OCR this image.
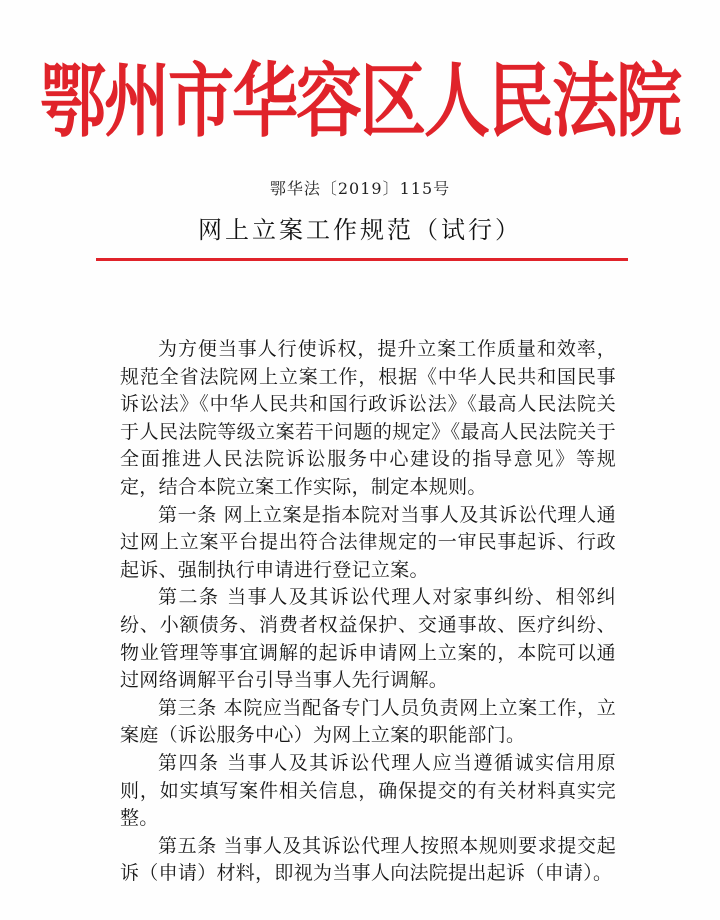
鄂州市华容区人民法院
鄂华法〔2019〕115号
网上立案工作规范（试行）

为方便当事人行使诉权，提升立案工作质量和效率，规范全省法院网上立案工作，根据《中华人民共和国民事诉讼法》《中华人民共和国行政诉讼法》《最高人民法院关于人民法院等级立案若干问题的规定》《最高人民法院关于全面推进人民法院诉讼服务中心建设的指导意见》等规定，结合本院立案工作实际，制定本规则。

第一条 网上立案是指本院对当事人及其诉讼代理人通过网上立案平台提出符合法律规定的一审民事起诉、行政起诉、强制执行申请进行登记立案。

第二条 当事人及其诉讼代理人对家事纠纷、相邻纠纷、小额债务、消费者权益保护、交通事故、医疗纠纷、物业管理等事宜调解的起诉申请网上立案的，本院可以通过网络调解平台引导当事人先行调解。

第三条 本院应当配备专门人员负责网上立案工作，立案庭（诉讼服务中心）为网上立案的职能部门。

第四条 当事人及其诉讼代理人应当遵循诚实信用原则，如实填写案件相关信息，确保提交的有关材料真实完整。

第五条 当事人及其诉讼代理人按照本规则要求提交起诉（申请）材料，即视为当事人向法院提出起诉（申请）。
